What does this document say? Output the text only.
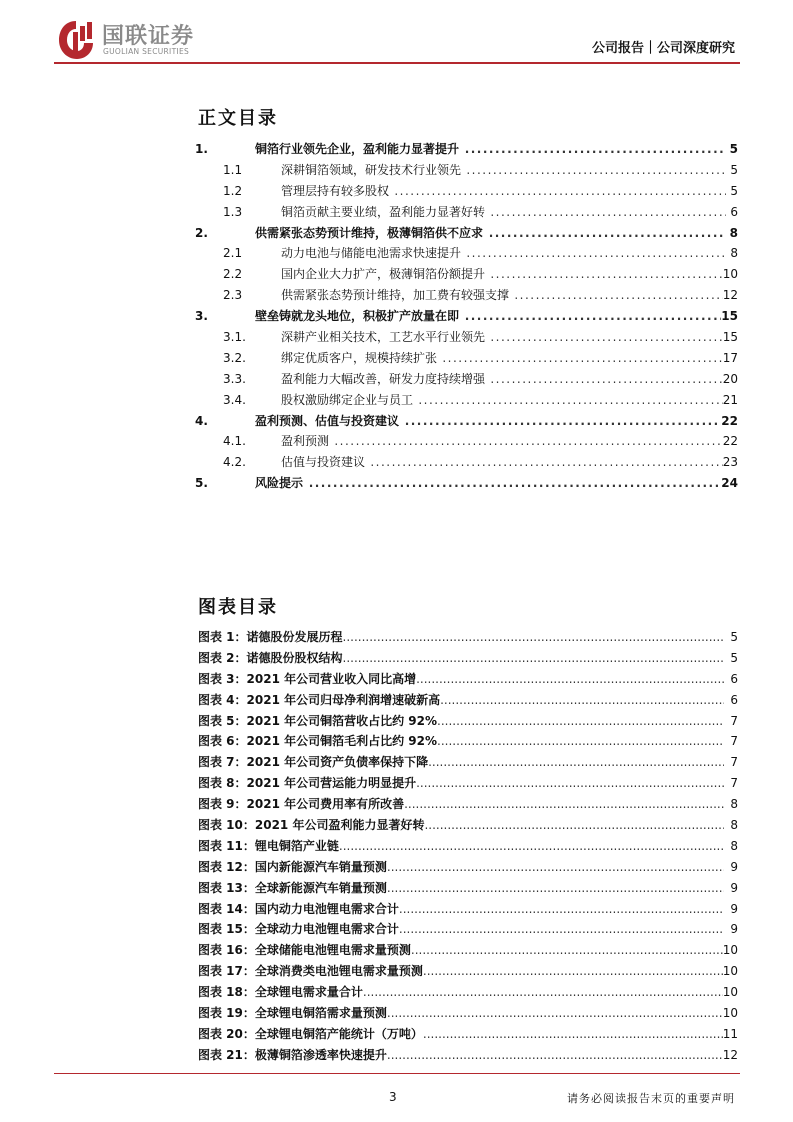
国联证券
GUOLIAN SECURITIES	公司报告｜公司深度研究
正文目录
1.	铜箔行业领先企业，盈利能力显著提升 .....	5
1.1	深耕铜箔领域，研发技术行业领先 .....	5
1.2	管理层持有较多股权 .....	5
1.3	铜箔贡献主要业绩，盈利能力显著好转 .....	6
2.	供需紧张态势预计维持，极薄铜箔供不应求 .....	8
2.1	动力电池与储能电池需求快速提升 .....	8
2.2	国内企业大力扩产，极薄铜箔份额提升 .....	10
2.3	供需紧张态势预计维持，加工费有较强支撑 .....	12
3.	壁垒铸就龙头地位，积极扩产放量在即 .....	15
3.1.	深耕产业相关技术，工艺水平行业领先 .....	15
3.2.	绑定优质客户，规模持续扩张 .....	17
3.3.	盈利能力大幅改善，研发力度持续增强 .....	20
3.4.	股权激励绑定企业与员工 .....	21
4.	盈利预测、估值与投资建议 .....	22
4.1.	盈利预测 .....	22
4.2.	估值与投资建议 .....	23
5.	风险提示 .....	24
图表目录
图表 1：诺德股份发展历程 .....	5
图表 2：诺德股份股权结构 .....	5
图表 3：2021 年公司营业收入同比高增 .....	6
图表 4：2021 年公司归母净利润增速破新高 .....	6
图表 5：2021 年公司铜箔营收占比约 92% .....	7
图表 6：2021 年公司铜箔毛利占比约 92% .....	7
图表 7：2021 年公司资产负债率保持下降 .....	7
图表 8：2021 年公司营运能力明显提升 .....	7
图表 9：2021 年公司费用率有所改善 .....	8
图表 10：2021 年公司盈利能力显著好转 .....	8
图表 11：锂电铜箔产业链 .....	8
图表 12：国内新能源汽车销量预测 .....	9
图表 13：全球新能源汽车销量预测 .....	9
图表 14：国内动力电池锂电需求合计 .....	9
图表 15：全球动力电池锂电需求合计 .....	9
图表 16：全球储能电池锂电需求量预测 .....	10
图表 17：全球消费类电池锂电需求量预测 .....	10
图表 18：全球锂电需求量合计 .....	10
图表 19：全球锂电铜箔需求量预测 .....	10
图表 20：全球锂电铜箔产能统计（万吨） .....	11
图表 21：极薄铜箔渗透率快速提升 .....	12
3	请务必阅读报告末页的重要声明
